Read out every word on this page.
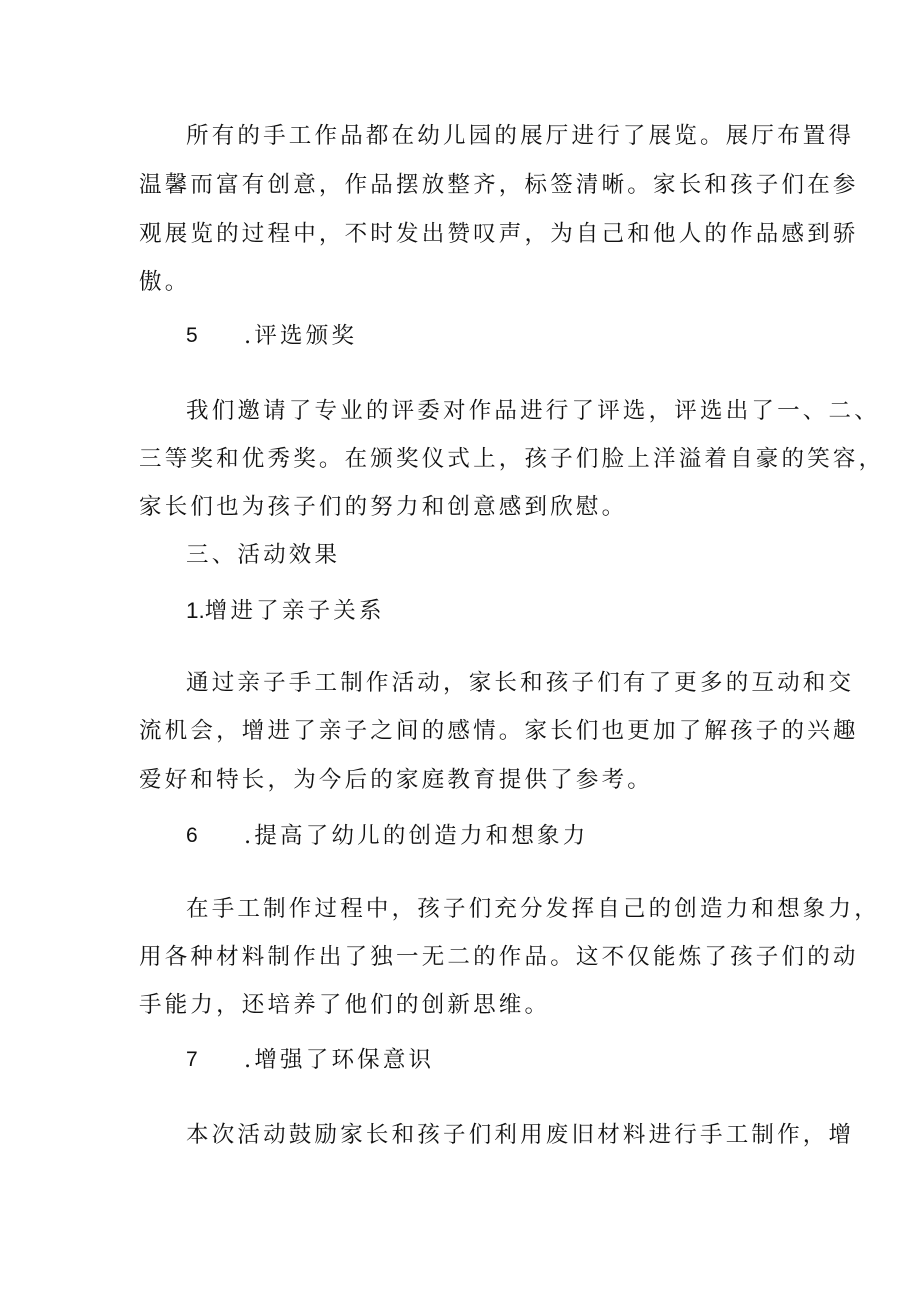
所有的手工作品都在幼儿园的展厅进行了展览。展厅布置得
温馨而富有创意，作品摆放整齐，标签清晰。家长和孩子们在参
观展览的过程中，不时发出赞叹声，为自己和他人的作品感到骄
傲。
5 .评选颁奖
我们邀请了专业的评委对作品进行了评选，评选出了一、二、
三等奖和优秀奖。在颁奖仪式上，孩子们脸上洋溢着自豪的笑容，
家长们也为孩子们的努力和创意感到欣慰。
三、活动效果
1.增进了亲子关系
通过亲子手工制作活动，家长和孩子们有了更多的互动和交
流机会，增进了亲子之间的感情。家长们也更加了解孩子的兴趣
爱好和特长，为今后的家庭教育提供了参考。
6 .提高了幼儿的创造力和想象力
在手工制作过程中，孩子们充分发挥自己的创造力和想象力，
用各种材料制作出了独一无二的作品。这不仅能炼了孩子们的动
手能力，还培养了他们的创新思维。
7 .增强了环保意识
本次活动鼓励家长和孩子们利用废旧材料进行手工制作，增
